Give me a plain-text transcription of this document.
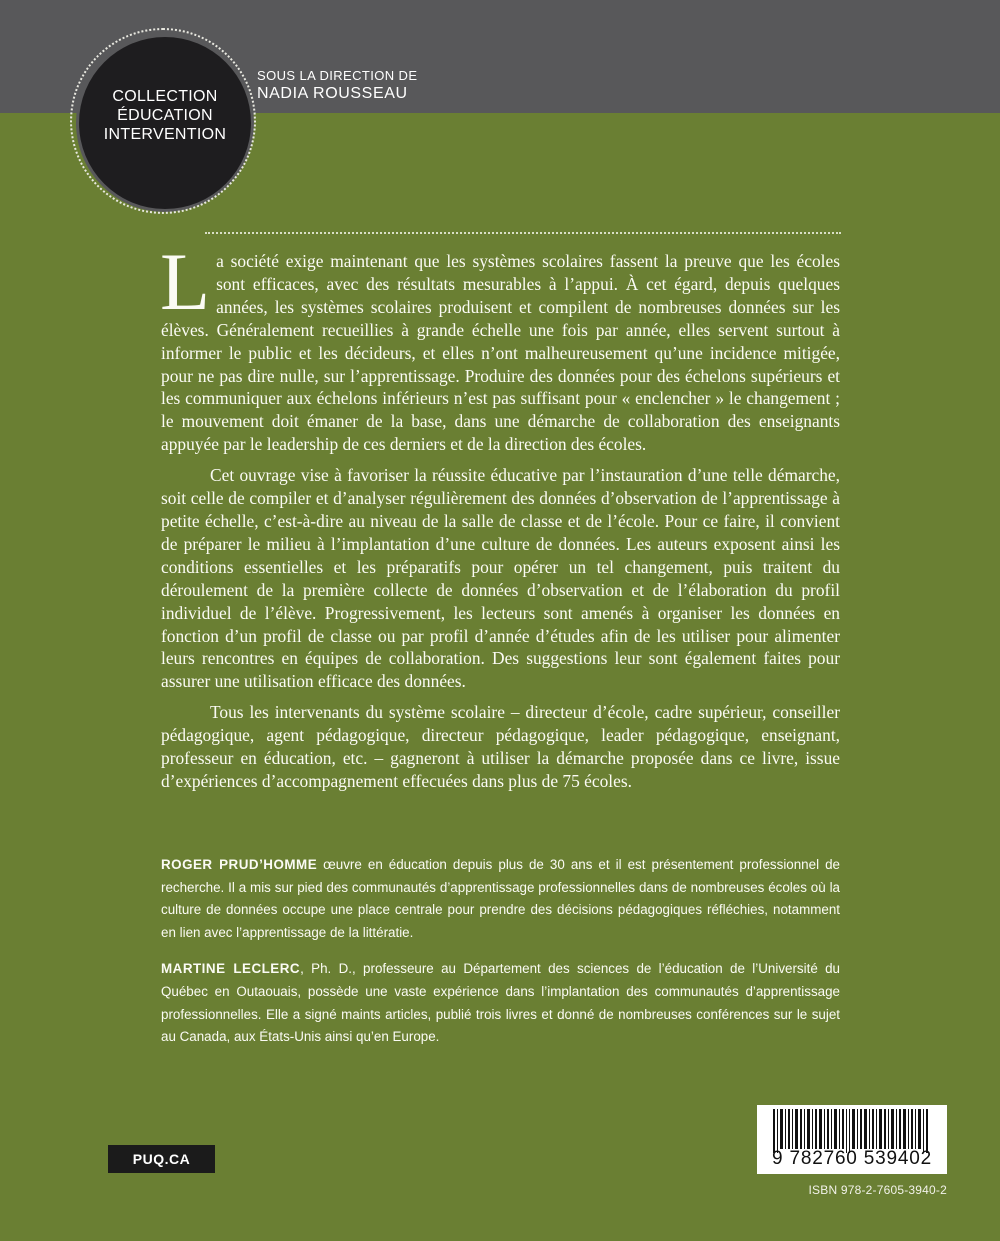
COLLECTION
ÉDUCATION
INTERVENTION
SOUS LA DIRECTION DE
NADIA ROUSSEAU

La société exige maintenant que les systèmes scolaires fassent la preuve que les écoles sont efficaces, avec des résultats mesurables à l’appui. À cet égard, depuis quelques années, les systèmes scolaires produisent et compilent de nombreuses données sur les élèves. Généralement recueillies à grande échelle une fois par année, elles servent surtout à informer le public et les décideurs, et elles n’ont malheureusement qu’une incidence mitigée, pour ne pas dire nulle, sur l’apprentissage. Produire des données pour des échelons supérieurs et les communiquer aux échelons inférieurs n’est pas suffisant pour « enclencher » le changement ; le mouvement doit émaner de la base, dans une démarche de collaboration des enseignants appuyée par le leadership de ces derniers et de la direction des écoles.

Cet ouvrage vise à favoriser la réussite éducative par l’instauration d’une telle démarche, soit celle de compiler et d’analyser régulièrement des données d’observation de l’apprentissage à petite échelle, c’est-à-dire au niveau de la salle de classe et de l’école. Pour ce faire, il convient de préparer le milieu à l’implantation d’une culture de données. Les auteurs exposent ainsi les conditions essentielles et les préparatifs pour opérer un tel changement, puis traitent du déroulement de la première collecte de données d’observation et de l’élaboration du profil individuel de l’élève. Progressivement, les lecteurs sont amenés à organiser les données en fonction d’un profil de classe ou par profil d’année d’études afin de les utiliser pour alimenter leurs rencontres en équipes de collaboration. Des suggestions leur sont également faites pour assurer une utilisation efficace des données.

Tous les intervenants du système scolaire – directeur d’école, cadre supérieur, conseiller pédagogique, agent pédagogique, directeur pédagogique, leader pédagogique, enseignant, professeur en éducation, etc. – gagneront à utiliser la démarche proposée dans ce livre, issue d’expériences d’accompagnement effecuées dans plus de 75 écoles.

ROGER PRUD’HOMME œuvre en éducation depuis plus de 30 ans et il est présentement professionnel de recherche. Il a mis sur pied des communautés d’apprentissage professionnelles dans de nombreuses écoles où la culture de données occupe une place centrale pour prendre des décisions pédagogiques réfléchies, notamment en lien avec l’apprentissage de la littératie.

MARTINE LECLERC, Ph. D., professeure au Département des sciences de l’éducation de l’Université du Québec en Outaouais, possède une vaste expérience dans l’implantation des communautés d’apprentissage professionnelles. Elle a signé maints articles, publié trois livres et donné de nombreuses conférences sur le sujet au Canada, aux États-Unis ainsi qu’en Europe.

PUQ.CA	9 782760 539402
ISBN 978-2-7605-3940-2
